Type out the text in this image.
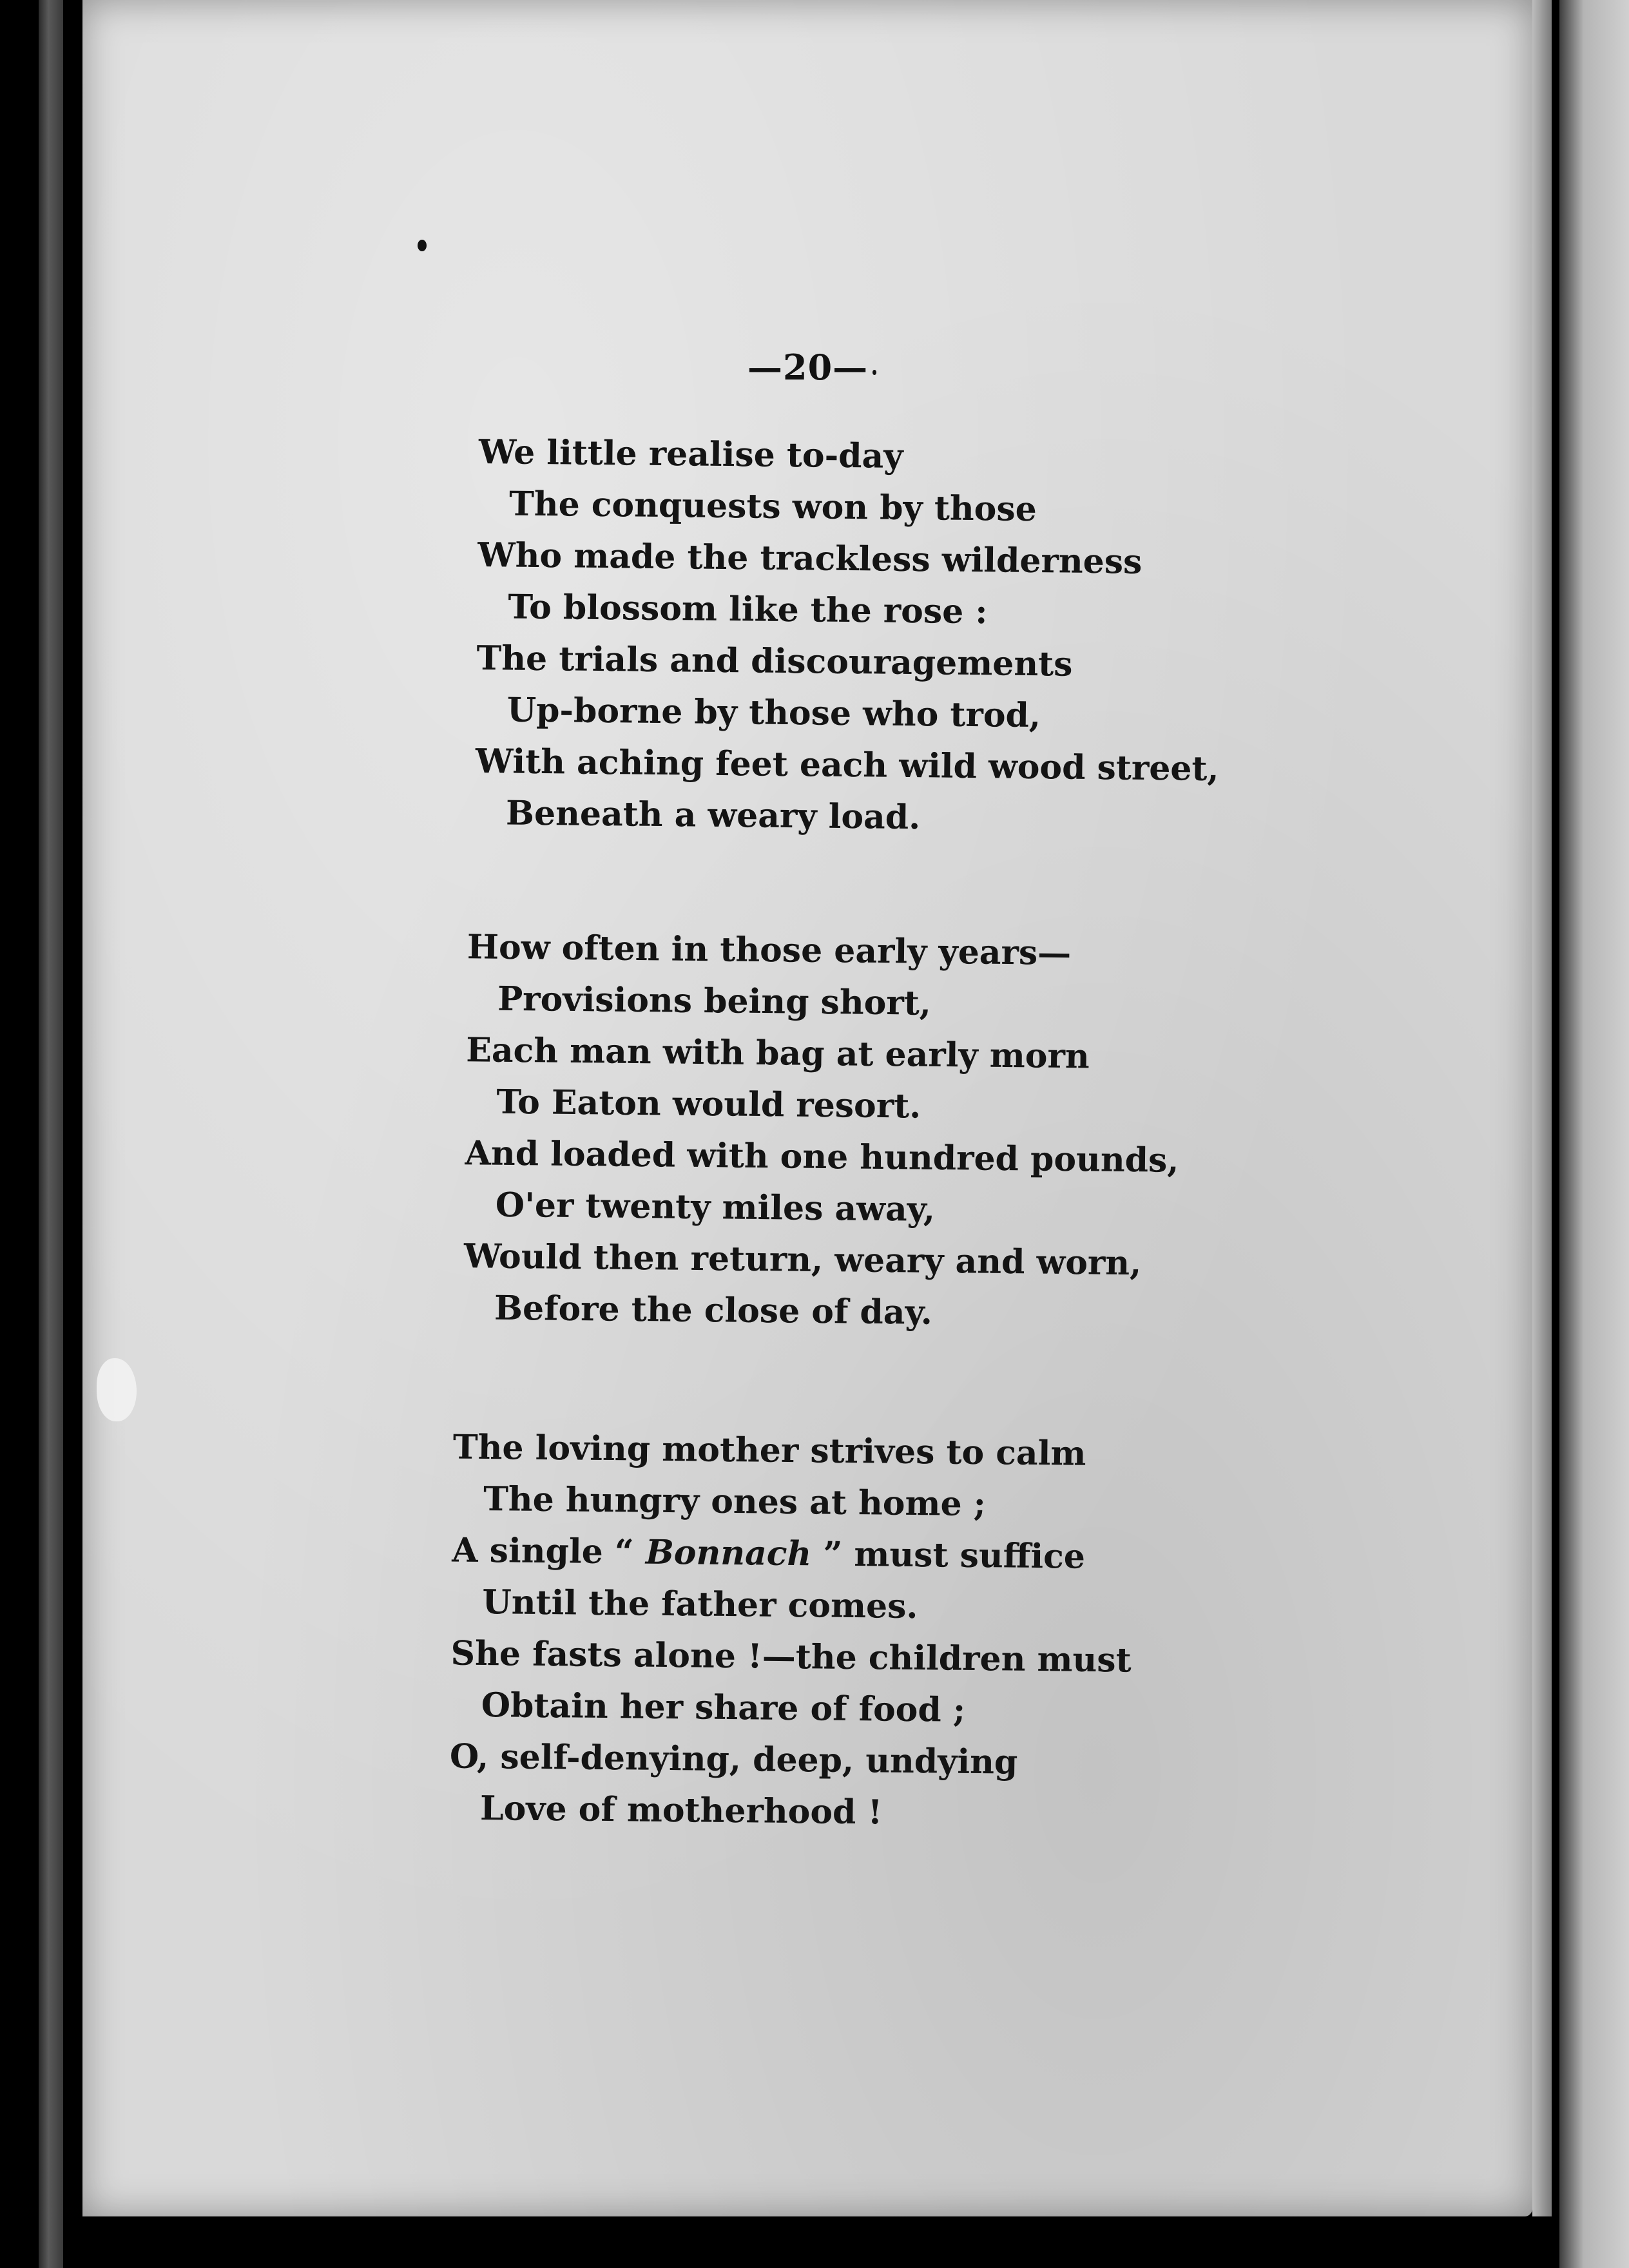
—20—
We little realise to-day
The conquests won by those
Who made the trackless wilderness
To blossom like the rose :
The trials and discouragements
Up-borne by those who trod,
With aching feet each wild wood street,
Beneath a weary load.
How often in those early years—
Provisions being short,
Each man with bag at early morn
To Eaton would resort.
And loaded with one hundred pounds,
O'er twenty miles away,
Would then return, weary and worn,
Before the close of day.
The loving mother strives to calm
The hungry ones at home ;
A single “ Bonnach ” must suffice
Until the father comes.
She fasts alone !—the children must
Obtain her share of food ;
O, self-denying, deep, undying
Love of motherhood !
